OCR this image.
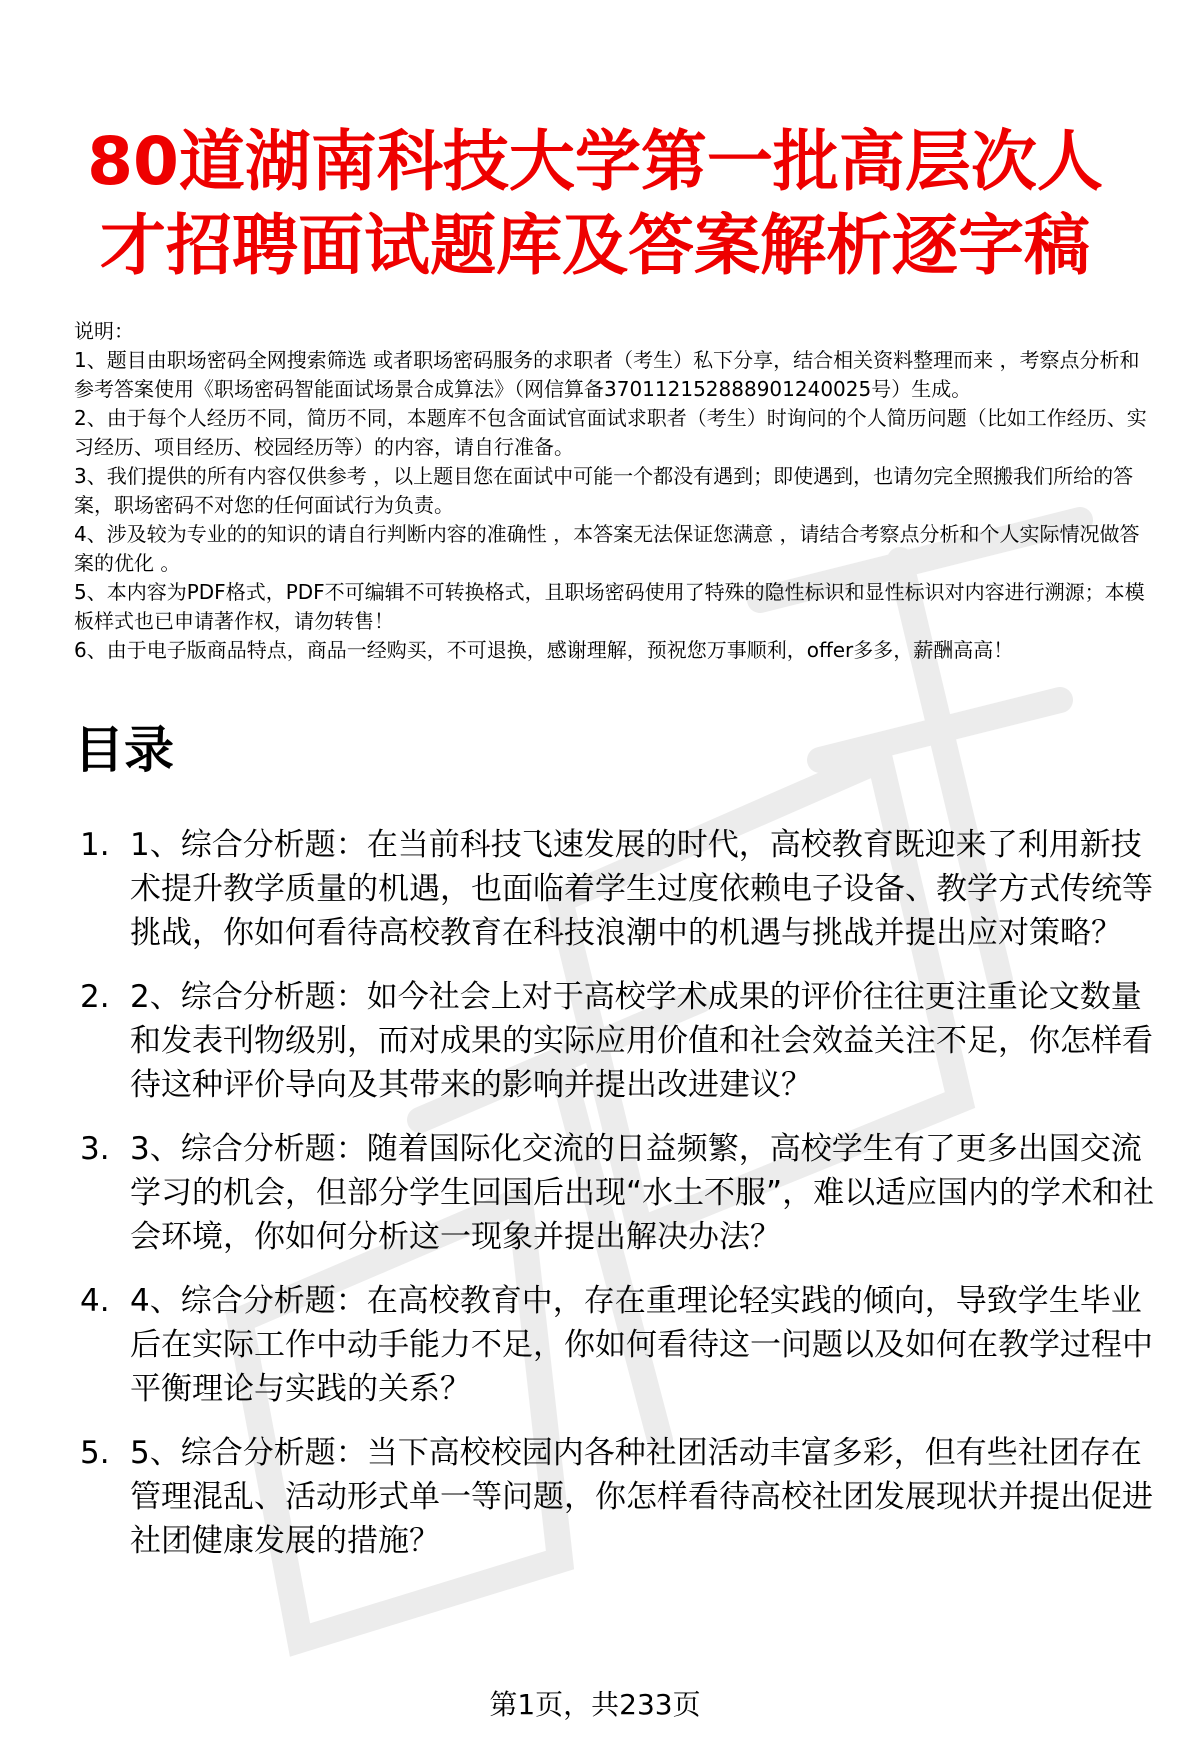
80道湖南科技大学第一批高层次人才招聘面试题库及答案解析逐字稿

说明：

1、题目由职场密码全网搜索筛选 或者职场密码服务的求职者（考生）私下分享，结合相关资料整理而来 ，考察点分析和参考答案使用《职场密码智能面试场景合成算法》（网信算备370112152888901240025号）生成。

2、由于每个人经历不同，简历不同，本题库不包含面试官面试求职者（考生）时询问的个人简历问题（比如工作经历、实习经历、项目经历、校园经历等）的内容，请自行准备。

3、我们提供的所有内容仅供参考 ，以上题目您在面试中可能一个都没有遇到；即使遇到，也请勿完全照搬我们所给的答案，职场密码不对您的任何面试行为负责。

4、涉及较为专业的的知识的请自行判断内容的准确性 ，本答案无法保证您满意 ，请结合考察点分析和个人实际情况做答案的优化 。

5、本内容为PDF格式，PDF不可编辑不可转换格式，且职场密码使用了特殊的隐性标识和显性标识对内容进行溯源；本模板样式也已申请著作权，请勿转售！

6、由于电子版商品特点，商品一经购买，不可退换，感谢理解，预祝您万事顺利，offer多多，薪酬高高！

目录
1. 1、综合分析题：在当前科技飞速发展的时代，高校教育既迎来了利用新技术提升教学质量的机遇，也面临着学生过度依赖电子设备、教学方式传统等挑战，你如何看待高校教育在科技浪潮中的机遇与挑战并提出应对策略？
2. 2、综合分析题：如今社会上对于高校学术成果的评价往往更注重论文数量和发表刊物级别，而对成果的实际应用价值和社会效益关注不足，你怎样看待这种评价导向及其带来的影响并提出改进建议？
3. 3、综合分析题：随着国际化交流的日益频繁，高校学生有了更多出国交流学习的机会，但部分学生回国后出现“水土不服”，难以适应国内的学术和社会环境，你如何分析这一现象并提出解决办法？
4. 4、综合分析题：在高校教育中，存在重理论轻实践的倾向，导致学生毕业后在实际工作中动手能力不足，你如何看待这一问题以及如何在教学过程中平衡理论与实践的关系？
5. 5、综合分析题：当下高校校园内各种社团活动丰富多彩，但有些社团存在管理混乱、活动形式单一等问题，你怎样看待高校社团发展现状并提出促进社团健康发展的措施？
第1页，共233页
